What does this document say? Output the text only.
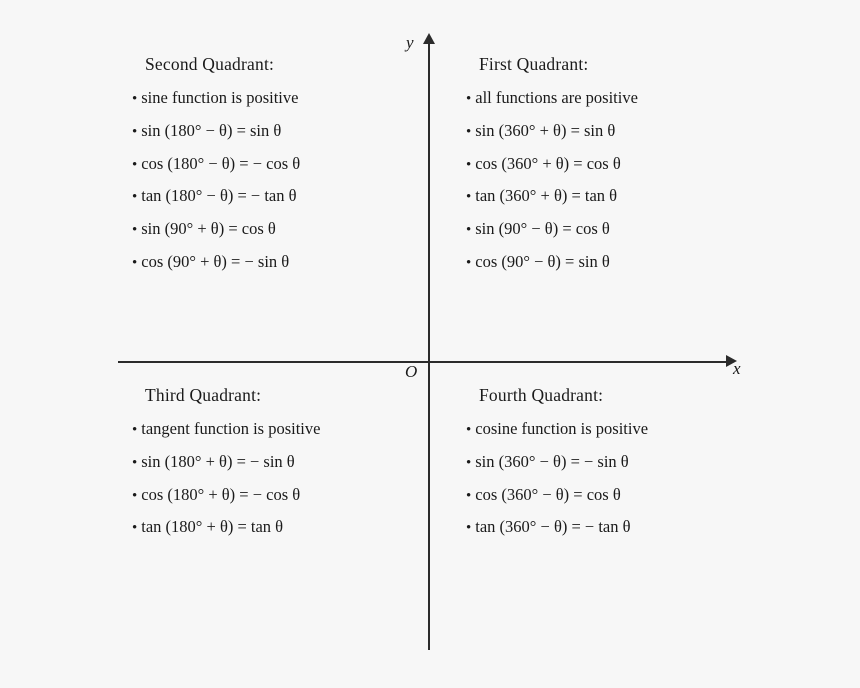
y
x
O
Second Quadrant:
• sine function is positive
• sin (180° − θ) = sin θ
• cos (180° − θ) = − cos θ
• tan (180° − θ) = − tan θ
• sin (90° + θ) = cos θ
• cos (90° + θ) = − sin θ
First Quadrant:
• all functions are positive
• sin (360° + θ) = sin θ
• cos (360° + θ) = cos θ
• tan (360° + θ) = tan θ
• sin (90° − θ) = cos θ
• cos (90° − θ) = sin θ
Third Quadrant:
• tangent function is positive
• sin (180° + θ) = − sin θ
• cos (180° + θ) = − cos θ
• tan (180° + θ) = tan θ
Fourth Quadrant:
• cosine function is positive
• sin (360° − θ) = − sin θ
• cos (360° − θ) = cos θ
• tan (360° − θ) = − tan θ
